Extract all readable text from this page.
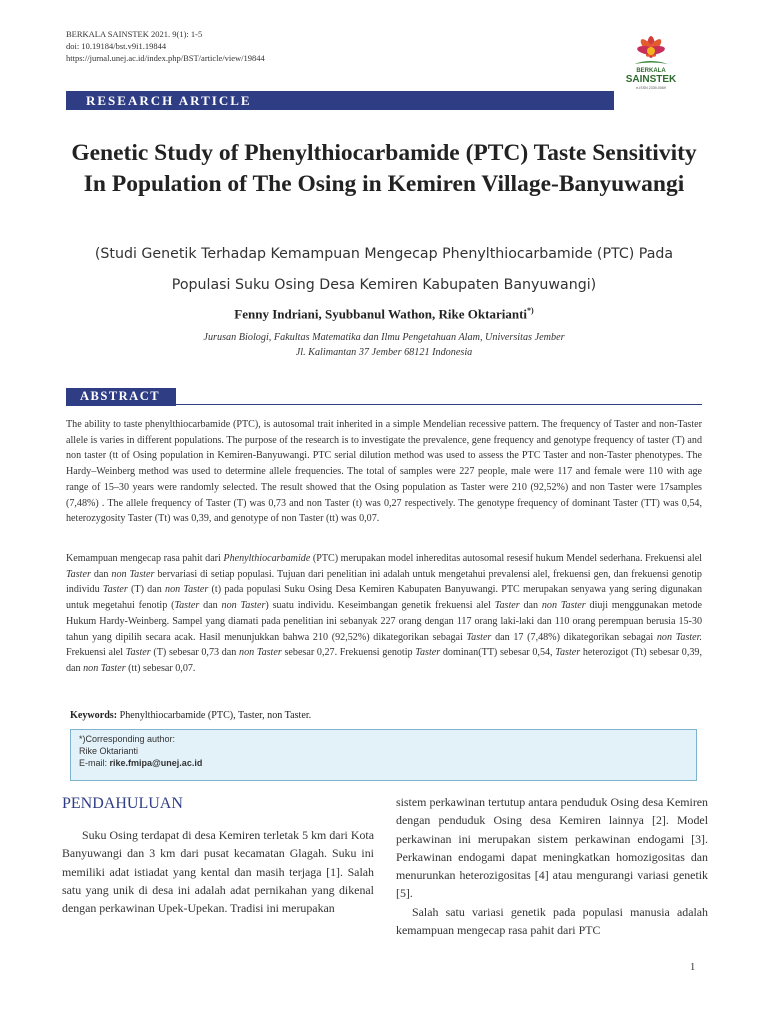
BERKALA SAINSTEK 2021. 9(1): 1-5
doi: 10.19184/bst.v9i1.19844
https://jurnal.unej.ac.id/index.php/BST/article/view/19844
BERKALA
SAINSTEK
e-ISSN 2339-0069
RESEARCH ARTICLE
Genetic Study of Phenylthiocarbamide (PTC) Taste Sensitivity In Population of The Osing in Kemiren Village-Banyuwangi
(Studi Genetik Terhadap Kemampuan Mengecap Phenylthiocarbamide (PTC) Pada
Populasi Suku Osing Desa Kemiren Kabupaten Banyuwangi)
Fenny Indriani, Syubbanul Wathon, Rike Oktarianti*)
Jurusan Biologi, Fakultas Matematika dan Ilmu Pengetahuan Alam, Universitas Jember
Jl. Kalimantan 37 Jember 68121 Indonesia
ABSTRACT
The ability to taste phenylthiocarbamide (PTC), is autosomal trait inherited in a simple Mendelian recessive pattern. The frequency of Taster and non-Taster allele is varies in different populations. The purpose of the research is to investigate the prevalence, gene frequency and genotype frequency of taster (T) and non taster (tt of Osing population in Kemiren-Banyuwangi. PTC serial dilution method was used to assess the PTC Taster and non-Taster phenotypes. The Hardy–Weinberg method was used to determine allele frequencies. The total of samples were 227 people, male were 117 and female were 110 with age range of 15–30 years were randomly selected. The result showed that the Osing population as Taster were 210 (92,52%) and non Taster were 17samples (7,48%) . The allele frequency of Taster (T) was 0,73 and non Taster (t) was 0,27 respectively. The genotype frequency of dominant Taster (TT) was 0,54, heterozygosity Taster (Tt) was 0,39, and genotype of non Taster (tt) was 0,07.
Kemampuan mengecap rasa pahit dari Phenylthiocarbamide (PTC) merupakan model inhereditas autosomal resesif hukum Mendel sederhana. Frekuensi alel Taster dan non Taster bervariasi di setiap populasi. Tujuan dari penelitian ini adalah untuk mengetahui prevalensi alel, frekuensi gen, dan frekuensi genotip individu Taster (T) dan non Taster (t) pada populasi Suku Osing Desa Kemiren Kabupaten Banyuwangi. PTC merupakan senyawa yang sering digunakan untuk megetahui fenotip (Taster dan non Taster) suatu individu. Keseimbangan genetik frekuensi alel Taster dan non Taster diuji menggunakan metode Hukum Hardy-Weinberg. Sampel yang diamati pada penelitian ini sebanyak 227 orang dengan 117 orang laki-laki dan 110 orang perempuan berusia 15-30 tahun yang dipilih secara acak. Hasil menunjukkan bahwa 210 (92,52%) dikategorikan sebagai Taster dan 17 (7,48%) dikategorikan sebagai non Taster. Frekuensi alel Taster (T) sebesar 0,73 dan non Taster sebesar 0,27. Frekuensi genotip Taster dominan(TT) sebesar 0,54, Taster heterozigot (Tt) sebesar 0,39, dan non Taster (tt) sebesar 0,07.
Keywords: Phenylthiocarbamide (PTC), Taster, non Taster.
*)Corresponding author:
Rike Oktarianti
E-mail: rike.fmipa@unej.ac.id
PENDAHULUAN

Suku Osing terdapat di desa Kemiren terletak 5 km dari Kota Banyuwangi dan 3 km dari pusat kecamatan Glagah. Suku ini memiliki adat istiadat yang kental dan masih terjaga [1]. Salah satu yang unik di desa ini adalah adat pernikahan yang dikenal dengan perkawinan Upek-Upekan. Tradisi ini merupakan

sistem perkawinan tertutup antara penduduk Osing desa Kemiren dengan penduduk Osing desa Kemiren lainnya [2]. Model perkawinan ini merupakan sistem perkawinan endogami [3]. Perkawinan endogami dapat meningkatkan homozigositas dan menurunkan heterozigositas [4] atau mengurangi variasi genetik [5].

Salah satu variasi genetik pada populasi manusia adalah kemampuan mengecap rasa pahit dari PTC

1
